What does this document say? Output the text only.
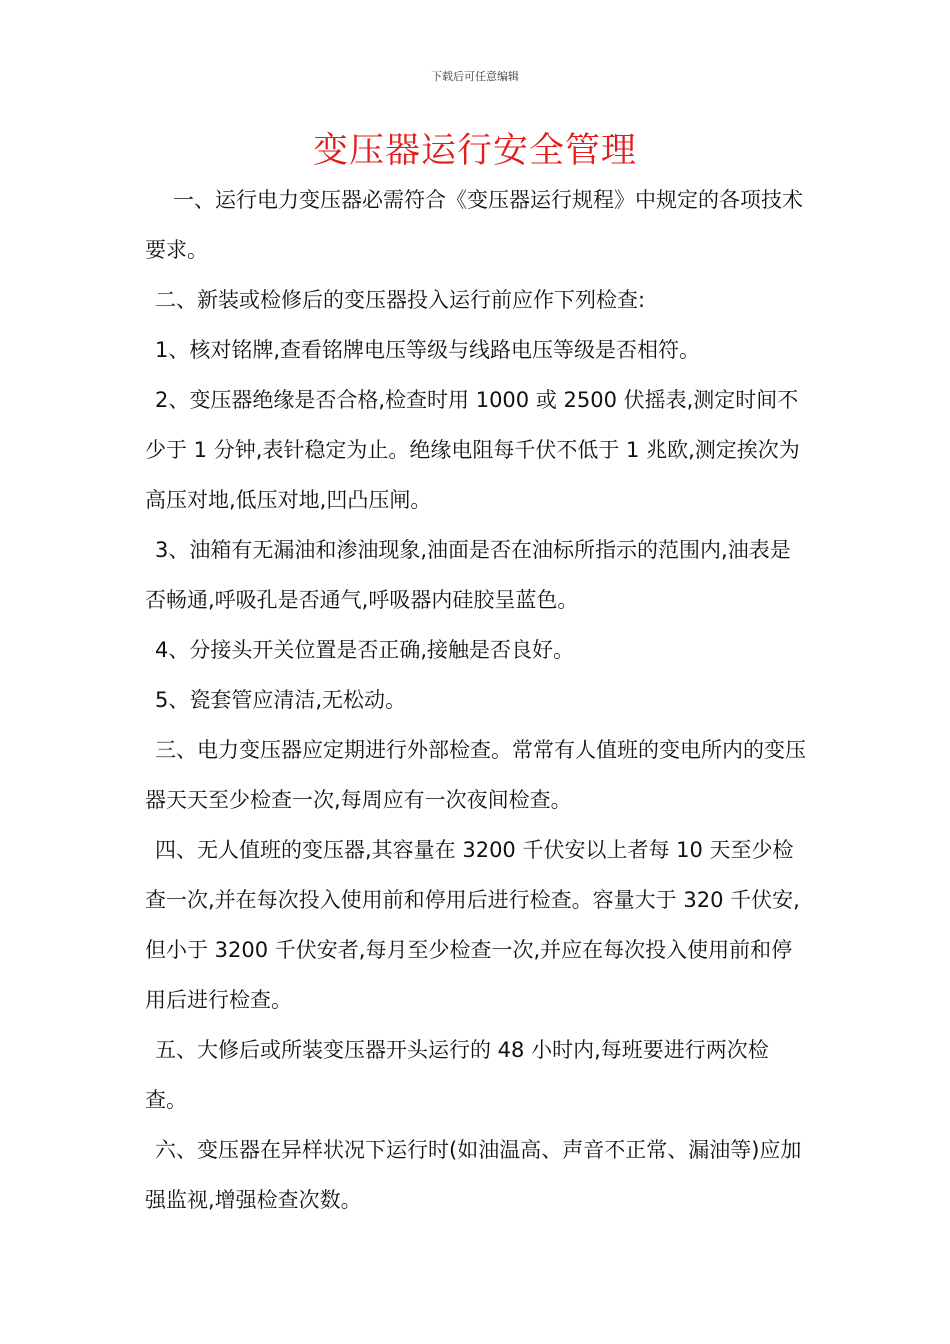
下载后可任意编辑
变压器运行安全管理

一、运行电力变压器必需符合《变压器运行规程》中规定的各项技术要求。

二、新装或检修后的变压器投入运行前应作下列检查:

1、核对铭牌,查看铭牌电压等级与线路电压等级是否相符。

2、变压器绝缘是否合格,检查时用 1000 或 2500 伏摇表,测定时间不少于 1 分钟,表针稳定为止。绝缘电阻每千伏不低于 1 兆欧,测定挨次为高压对地,低压对地,凹凸压闸。

3、油箱有无漏油和渗油现象,油面是否在油标所指示的范围内,油表是否畅通,呼吸孔是否通气,呼吸器内硅胶呈蓝色。

4、分接头开关位置是否正确,接触是否良好。

5、瓷套管应清洁,无松动。

三、电力变压器应定期进行外部检查。常常有人值班的变电所内的变压器天天至少检查一次,每周应有一次夜间检查。

四、无人值班的变压器,其容量在 3200 千伏安以上者每 10 天至少检查一次,并在每次投入使用前和停用后进行检查。容量大于 320 千伏安,但小于 3200 千伏安者,每月至少检查一次,并应在每次投入使用前和停用后进行检查。

五、大修后或所装变压器开头运行的 48 小时内,每班要进行两次检查。

六、变压器在异样状况下运行时(如油温高、声音不正常、漏油等)应加强监视,增强检查次数。
